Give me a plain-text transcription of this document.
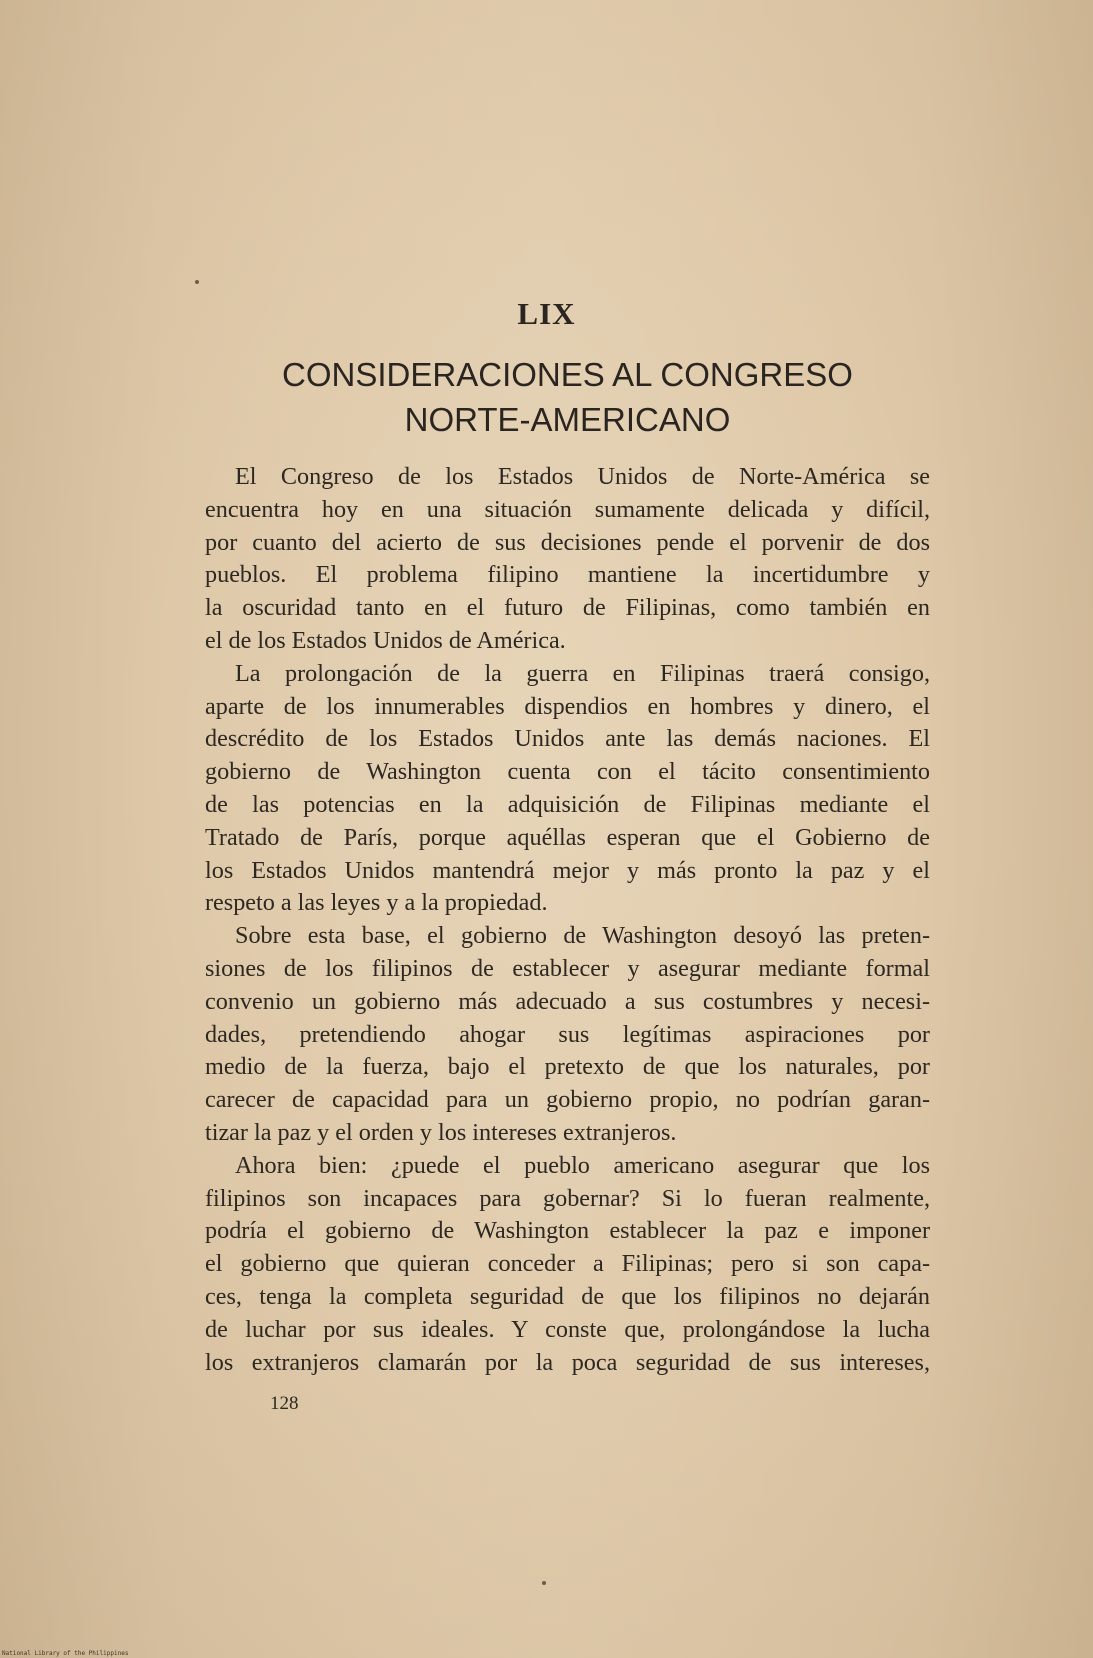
LIX
CONSIDERACIONES AL CONGRESO
NORTE-AMERICANO

El Congreso de los Estados Unidos de Norte-América se
encuentra hoy en una situación sumamente delicada y difícil,
por cuanto del acierto de sus decisiones pende el porvenir de dos
pueblos. El problema filipino mantiene la incertidumbre y
la oscuridad tanto en el futuro de Filipinas, como también en
el de los Estados Unidos de América.

La prolongación de la guerra en Filipinas traerá consigo,
aparte de los innumerables dispendios en hombres y dinero, el
descrédito de los Estados Unidos ante las demás naciones. El
gobierno de Washington cuenta con el tácito consentimiento
de las potencias en la adquisición de Filipinas mediante el
Tratado de París, porque aquéllas esperan que el Gobierno de
los Estados Unidos mantendrá mejor y más pronto la paz y el
respeto a las leyes y a la propiedad.

Sobre esta base, el gobierno de Washington desoyó las preten-
siones de los filipinos de establecer y asegurar mediante formal
convenio un gobierno más adecuado a sus costumbres y necesi-
dades, pretendiendo ahogar sus legítimas aspiraciones por
medio de la fuerza, bajo el pretexto de que los naturales, por
carecer de capacidad para un gobierno propio, no podrían garan-
tizar la paz y el orden y los intereses extranjeros.

Ahora bien: ¿puede el pueblo americano asegurar que los
filipinos son incapaces para gobernar? Si lo fueran realmente,
podría el gobierno de Washington establecer la paz e imponer
el gobierno que quieran conceder a Filipinas; pero si son capa-
ces, tenga la completa seguridad de que los filipinos no dejarán
de luchar por sus ideales. Y conste que, prolongándose la lucha
los extranjeros clamarán por la poca seguridad de sus intereses,

128

National Library of the Philippines
